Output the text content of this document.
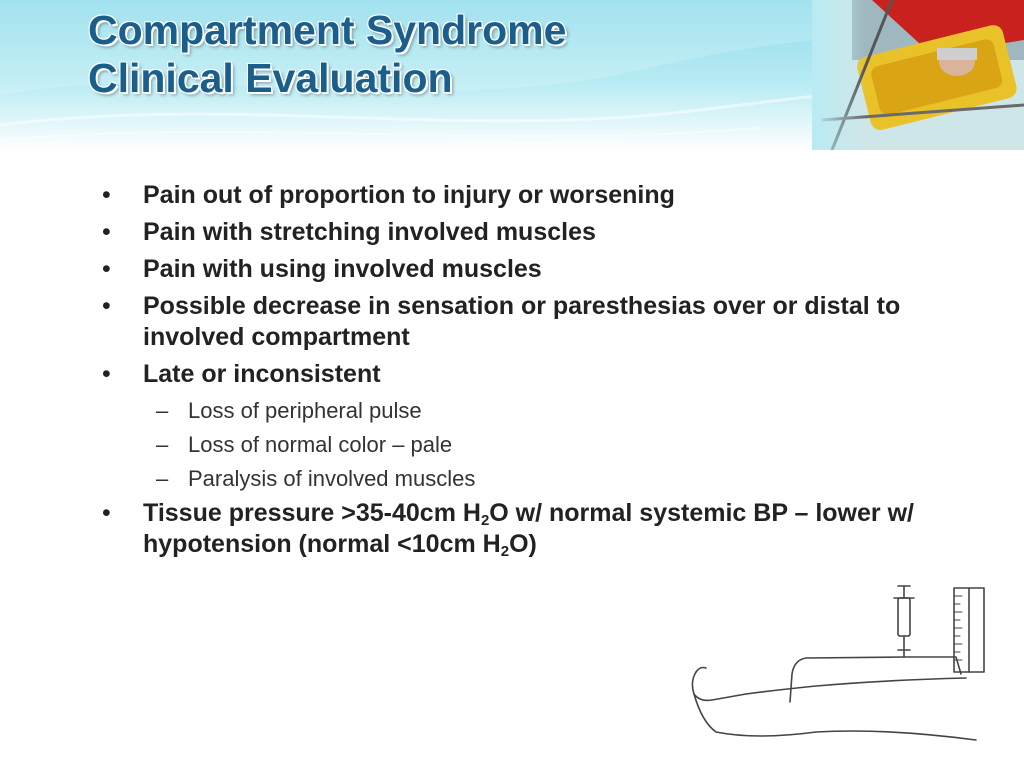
Compartment Syndrome
Clinical Evaluation
• Pain out of proportion to injury or worsening
• Pain with stretching involved muscles
• Pain with using involved muscles
• Possible decrease in sensation or paresthesias over or distal to involved compartment
• Late or inconsistent
– Loss of peripheral pulse
– Loss of normal color – pale
– Paralysis of involved muscles
• Tissue pressure >35-40cm $H_2O$ w/ normal systemic BP – lower w/ hypotension (normal <10cm $H_2O$)
